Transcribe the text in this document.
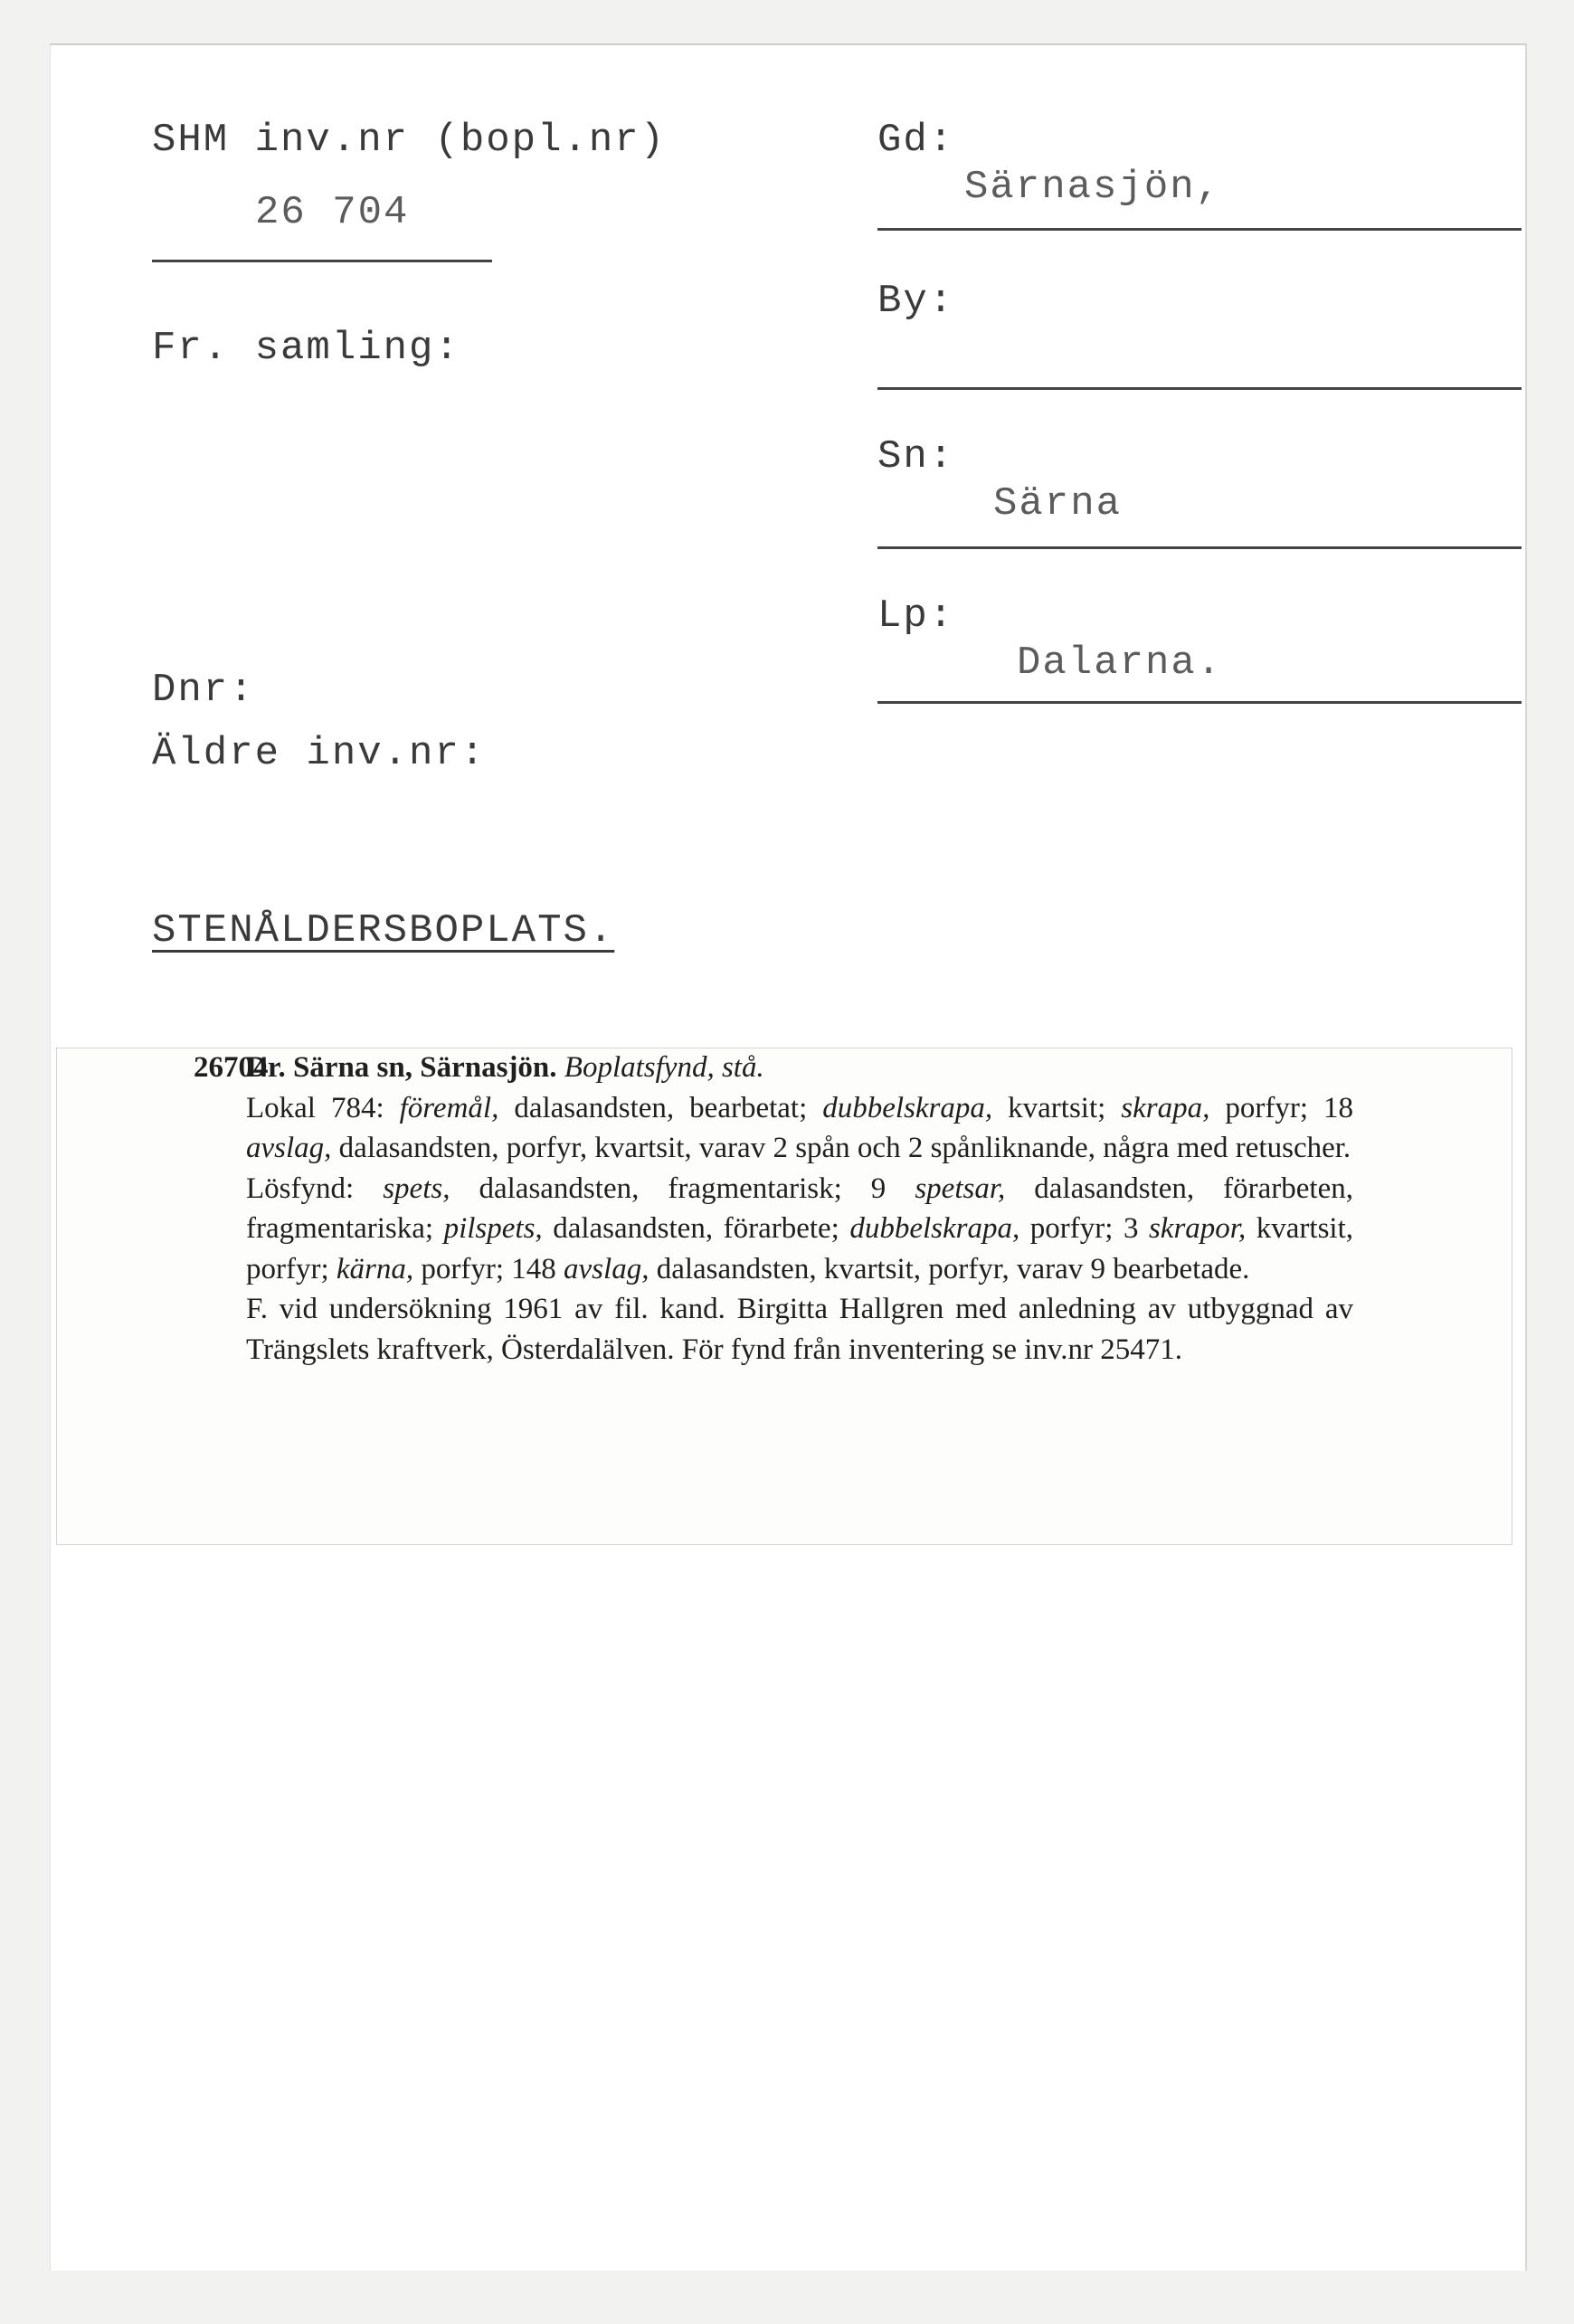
SHM inv.nr (bopl.nr)
26 704
Fr. samling:
Dnr:
Äldre inv.nr:
STENÅLDERSBOPLATS.
Gd:
Särnasjön,
By:
Sn:
Särna
Lp:
Dalarna.
26704

Dr. Särna sn, Särnasjön. Boplatsfynd, stå.

Lokal 784: föremål, dalasandsten, bearbetat; dubbelskrapa, kvartsit; skrapa, porfyr; 18 avslag, dalasandsten, porfyr, kvartsit, varav 2 spån och 2 spånliknande, några med retuscher.

Lösfynd: spets, dalasandsten, fragmentarisk; 9 spetsar, dalasandsten, förarbeten, fragmentariska; pilspets, dalasandsten, förarbete; dubbelskrapa, porfyr; 3 skrapor, kvartsit, porfyr; kärna, porfyr; 148 avslag, dalasandsten, kvartsit, porfyr, varav 9 bearbetade.

F. vid undersökning 1961 av fil. kand. Birgitta Hallgren med anledning av utbyggnad av Trängslets kraftverk, Österdalälven. För fynd från inventering se inv.nr 25471.
